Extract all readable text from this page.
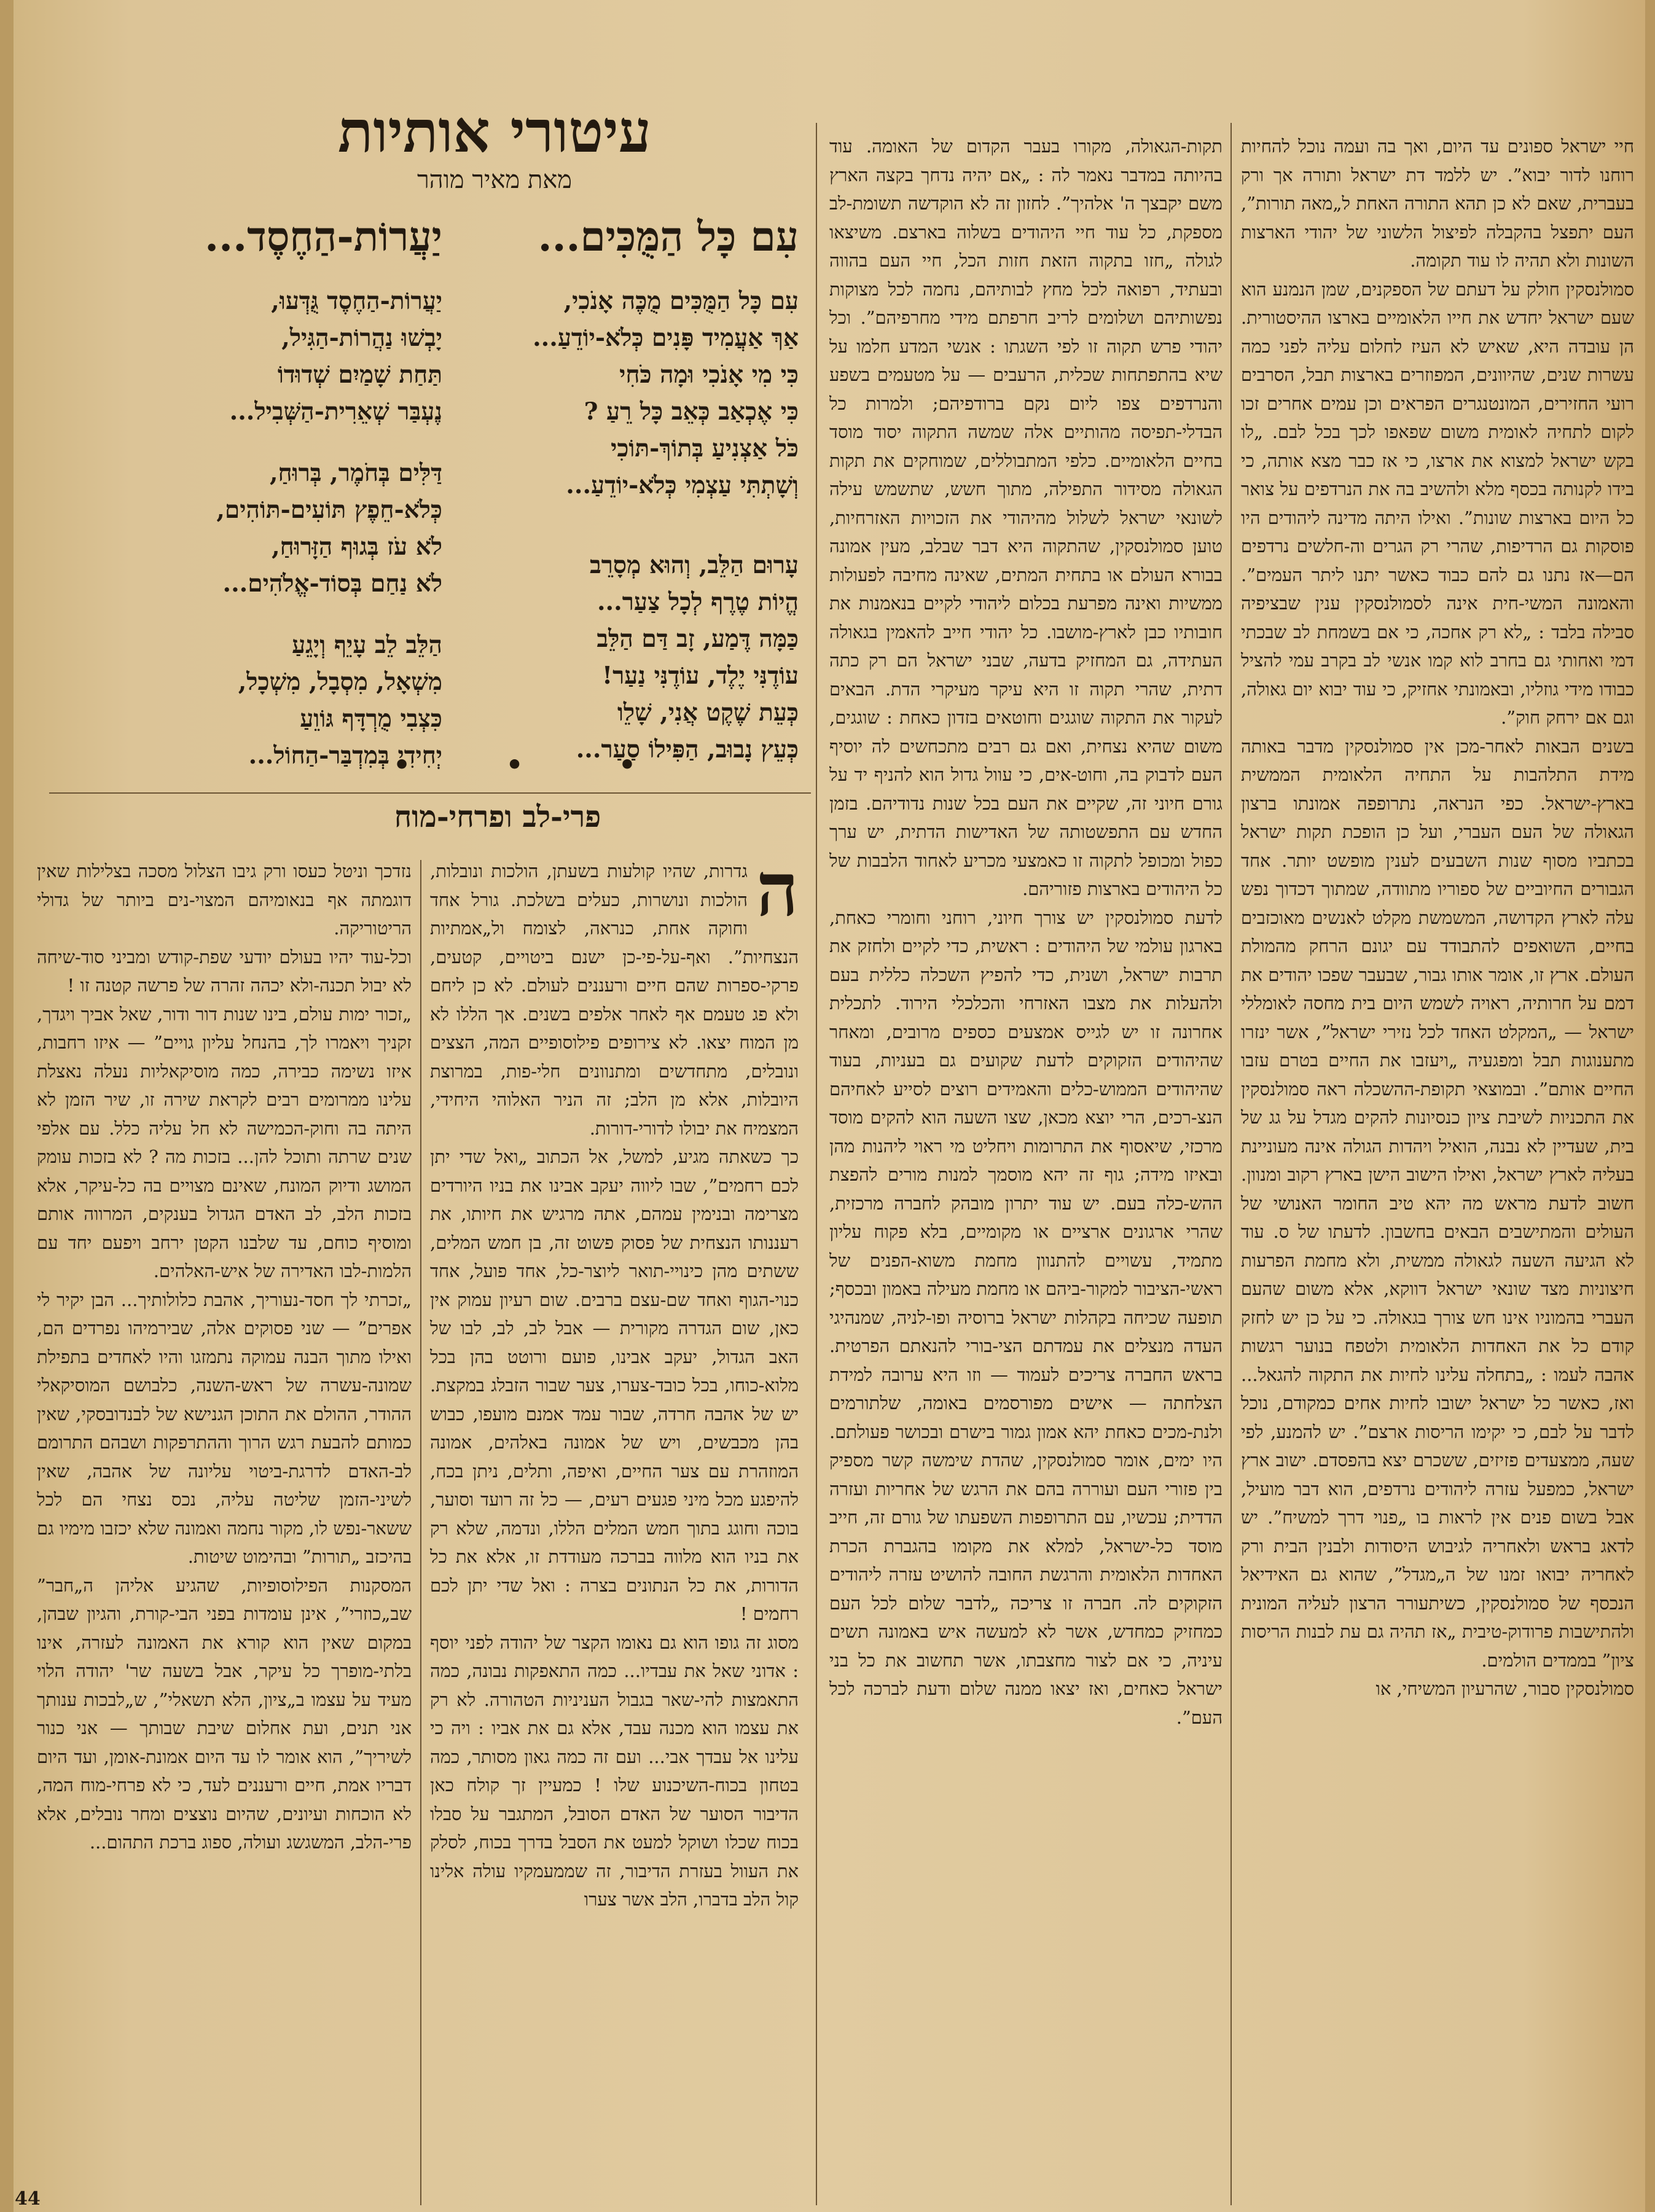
עיטורי אותיות
מאת מאיר מוהר
עִם כָּל הַמֻּכִּים...
עִם כָּל הַמֻּכִּים מֻכֶּה אָנֹכִי,
אַךְ אַעֲמִיד פָּנִים כְּלֹא-יוֹדֵעַ...
כִּי מִי אָנֹכִי וּמָה כֹּחִי
כִּי אֶכְאַב כְּאֵב כָּל רֵעַ ?
כֹּל אַצְנִיעַ בְּתוֹךְ-תּוֹכִי
וְשָׁתְתִּי עַצְמִי כְּלֹא-יוֹדֵעַ...
עָרוּם הַלֵּב, וְהוּא מְסָרֵב
הֱיוֹת טֶרֶף לְכָל צַעַר...
כַּמָּה דֶּמַע, זָב דַּם הַלֵּב
עוֹדֶנִּי יֶלֶד, עוֹדֶנִּי נַעַר!
כְּעֵת שֶׁקֶט אֲנִי, שָׁלֵו
כְּעֵץ נָבוּב, הַפִּילוֹ סַעַר...
יַעֲרוֹת-הַחֶסֶד...
יַעֲרוֹת-הַחֶסֶד גֻּדְּעוּ,
יָבְשׁוּ נַהֲרוֹת-הַגִּיל,
תַּחַת שָׁמַיִם שְׁדוּדוֹ
נֶעְבַּר שְׁאֵרִית-הַשְּׁבִיל...
דַּלִּים בְּחֹמֶר, בְּרוּחַ,
כְּלֹא-חֵפֶץ תּוֹעִים-תּוֹהִים,
לֹא עֹז בְּגוּף הַזָּרוּחַ,
לֹא נַחַם בְּסוֹד-אֱלֹהִים...
הַלֵּב לֵב עָיֵף וְיָגֵעַ
מִשְׁאָל, מִסְבָל, מִשְׁכָל,
כִּצְבִי מֻרְדָּף גּוֹוֵעַ
יְחִידִי בְּמִדְבַּר-הַחוֹל...
• • •
פרי-לב ופרחי-מוח
ה

גדרות, שהיו קולעות בשעתן, הולכות ונובלות, הולכות ונושרות, כעלים בשלכת. גורל אחד וחוקה אחת, כנראה, לצומח ול„אמתיות הנצחיות”. ואף-על-פי-כן ישנם ביטויים, קטעים, פרקי-ספרות שהם חיים ורעננים לעולם. לא כן ליחם ולא פג טעמם אף לאחר אלפים בשנים. אך הללו לא מן המוח יצאו. לא צירופים פילוסופיים המה, הצצים ונובלים, מתחדשים ומתנוונים חלי-פות, במרוצת היובלות, אלא מן הלב; זה הניר האלוהי היחידי, המצמיח את יבולו לדורי-דורות.

כך כשאתה מגיע, למשל, אל הכתוב „ואל שדי יתן לכם רחמים”, שבו ליווה יעקב אבינו את בניו היורדים מצרימה ובנימין עמהם, אתה מרגיש את חיותו, את רעננותו הנצחית של פסוק פשוט זה, בן חמש המלים, ששתים מהן כינויי-תואר ליוצר-כל, אחד פועל, אחד כנוי-הגוף ואחד שם-עצם ברבים. שום רעיון עמוק אין כאן, שום הגדרה מקורית — אבל לב, לב, לבו של האב הגדול, יעקב אבינו, פועם ורוטט בהן בכל מלוא-כוחו, בכל כובד-צערו, צער שבור הזבלג במקצת. יש של אהבה חרדה, שבור עמד אמנם מועפו, כבוש בהן מכבשים, ויש של אמונה באלהים, אמונה המוזהרת עם צער החיים, ואיפה, ותלים, ניתן בכח, להיפגע מכל מיני פגעים רעים, — כל זה רועד וסוער, בוכה וחוגג בתוך חמש המלים הללו, ונדמה, שלא רק את בניו הוא מלווה בברכה מעודדת זו, אלא את כל הדורות, את כל הנתונים בצרה : ואל שדי יתן לכם רחמים !

מסוג זה גופו הוא גם נאומו הקצר של יהודה לפני יוסף : אדוני שאל את עבדיו... כמה התאפקות נבונה, כמה התאמצות להי-שאר בגבול העניניות הטהורה. לא רק את עצמו הוא מכנה עבד, אלא גם את אביו : ויה כי עלינו אל עבדך אבי... ועם זה כמה גאון מסותר, כמה בטחון בכוח-השיכנוע שלו ! כמעיין זך קולח כאן הדיבור הסוער של האדם הסובל, המתגבר על סבלו בכוח שכלו ושוקל למעט את הסבל בדרך בכוח, לסלק את העוול בעזרת הדיבור, זה שממעמקיו עולה אלינו קול הלב בדברו, הלב אשר צערו

נזדכך וניטל כעסו ורק גיבו הצלול מסכה בצלילות שאין דוגמתה אף בנאומיהם המצוי-נים ביותר של גדולי הריטוריקה.

וכל-עוד יהיו בעולם יודעי שפת-קודש ומביני סוד-שיחה לא יבול תכנה-ולא יכהה זהרה של פרשה קטנה זו !

„זכור ימות עולם, בינו שנות דור ודור, שאל אביך ויגדך, זקניך ויאמרו לך, בהנחל עליון גויים” — איזו רחבות, איזו נשימה כבירה, כמה מוסיקאליות נעלה נאצלת עלינו ממרומים רבים לקראת שירה זו, שיר הזמן לא היתה בה וחוק-הכמישה לא חל עליה כלל. עם אלפי שנים שרתה ותוכל להן... בזכות מה ? לא בזכות עומק המושג ודיוק המונח, שאינם מצויים בה כל-עיקר, אלא בזכות הלב, לב האדם הגדול בענקים, המרווה אותם ומוסיף כוחם, עד שלבנו הקטן ירחב ויפעם יחד עם הלמות-לבו האדירה של איש-האלהים.

„זכרתי לך חסד-נעוריך, אהבת כלולותיך... הבן יקיר לי אפרים” — שני פסוקים אלה, שבירמיהו נפרדים הם, ואילו מתוך הבנה עמוקה נתמזגו והיו לאחדים בתפילת שמונה-עשרה של ראש-השנה, כלבושם המוסיקאלי ההודר, ההולם את התוכן הגנישא של לבנדובסקי, שאין כמותם להבעת רגש הרוך וההתרפקות ושבהם התרומם לב-האדם לדרגת-ביטוי עליונה של אהבה, שאין לשיני-הזמן שליטה עליה, נכס נצחי הם לכל ששאר-נפש לו, מקור נחמה ואמונה שלא יכזבו מימיו גם בהיכזב „תורות” ובהימוט שיטות.

המסקנות הפילוסופיות, שהגיע אליהן ה„חבר” שב„כוזרי”, אינן עומדות בפני הבי-קורת, והגיון שבהן, במקום שאין הוא קורא את האמונה לעזרה, אינו בלתי-מופרך כל עיקר, אבל בשעה שר' יהודה הלוי מעיד על עצמו ב„ציון, הלא תשאלי”, ש„לבכות ענותך אני תנים, ועת אחלום שיבת שבותך — אני כנור לשיריך”, הוא אומר לו עד היום אמונת-אומן, ועד היום דבריו אמת, חיים ורעננים לעד, כי לא פרחי-מוח המה, לא הוכחות ועיונים, שהיום נוצצים ומחר נובלים, אלא פרי-הלב, המשגשג ועולה, ספוג ברכת התהום...

תקות-הגאולה, מקורו בעבר הקדום של האומה. עוד בהיותה במדבר נאמר לה : „אם יהיה נדחך בקצה הארץ משם יקבצך ה' אלהיך”. לחזון זה לא הוקדשה תשומת-לב מספקת, כל עוד חיי היהודים בשלוה בארצם. משיצאו לגולה „חזו בתקוה הזאת חזות הכל, חיי העם בהווה ובעתיד, רפואה לכל מחץ לבותיהם, נחמה לכל מצוקות נפשותיהם ושלומים לריב חרפתם מידי מחרפיהם”. וכל יהודי פרש תקוה זו לפי השגתו : אנשי המדע חלמו על שיא בהתפתחות שכלית, הרעבים — על מטעמים בשפע והנרדפים צפו ליום נקם ברודפיהם; ולמרות כל הבדלי-תפיסה מהותיים אלה שמשה התקוה יסוד מוסד בחיים הלאומיים. כלפי המתבוללים, שמוחקים את תקות הגאולה מסידור התפילה, מתוך חשש, שתשמש עילה לשונאי ישראל לשלול מהיהודי את הזכויות האזרחיות, טוען סמולנסקין, שהתקוה היא דבר שבלב, מעין אמונה בבורא העולם או בתחית המתים, שאינה מחיבה לפעולות ממשיות ואינה מפרעת בכלום ליהודי לקיים בנאמנות את חובותיו כבן לארץ-מושבו. כל יהודי חייב להאמין בגאולה העתידה, גם המחזיק בדעה, שבני ישראל הם רק כתה דתית, שהרי תקוה זו היא עיקר מעיקרי הדת. הבאים לעקור את התקוה שוגגים וחוטאים בזדון כאחת : שוגגים, משום שהיא נצחית, ואם גם רבים מתכחשים לה יוסיף העם לדבוק בה, וחוט-אים, כי עוול גדול הוא להניף יד על גורם חיוני זה, שקיים את העם בכל שנות נדודיהם. בזמן החדש עם התפשטותה של האדישות הדתית, יש ערך כפול ומכופל לתקוה זו כאמצעי מכריע לאחוד הלבבות של כל היהודים בארצות פזוריהם.

לדעת סמולנסקין יש צורך חיוני, רוחני וחומרי כאחת, בארגון עולמי של היהודים : ראשית, כדי לקיים ולחזק את תרבות ישראל, ושנית, כדי להפיץ השכלה כללית בעם ולהעלות את מצבו האזרחי והכלכלי הירוד. לתכלית אחרונה זו יש לגייס אמצעים כספים מרובים, ומאחר שהיהודים הזקוקים לדעת שקועים גם בעניות, בעוד שהיהודים הממוש-כלים והאמידים רוצים לסייע לאחיהם הנצ-רכים, הרי יוצא מכאן, שצו השעה הוא להקים מוסד מרכזי, שיאסוף את התרומות ויחליט מי ראוי ליהנות מהן ובאיזו מידה; גוף זה יהא מוסמך למנות מורים להפצת ההש-כלה בעם. יש עוד יתרון מובהק לחברה מרכזית, שהרי ארגונים ארציים או מקומיים, בלא פקוח עליון מתמיד, עשויים להתנוון מחמת משוא-הפנים של ראשי-הציבור למקור-ביהם או מחמת מעילה באמון ובכסף; תופעה שכיחה בקהלות ישראל ברוסיה ופו-לניה, שמנהיגי העדה מנצלים את עמדתם הצי-בורי להנאתם הפרטית. בראש החברה צריכים לעמוד — וזו היא ערובה למידת הצלחתה — אישים מפורסמים באומה, שלתורמים ולנת-מכים כאחת יהא אמון גמור בישרם ובכושר פעולתם. היו ימים, אומר סמולנסקין, שהדת שימשה קשר מספיק בין פזורי העם ועוררה בהם את הרגש של אחריות ועזרה הדדית; עכשיו, עם התרופפות השפעתו של גורם זה, חייב מוסד כל-ישראל, למלא את מקומו בהגברת הכרת האחדות הלאומית והרגשת החובה להושיט עזרה ליהודים הזקוקים לה. חברה זו צריכה „לדבר שלום לכל העם כמחזיק כמחדש, אשר לא למעשה איש באמונה תשים עיניה, כי אם לצור מחצבתו, אשר תחשוב את כל בני ישראל כאחים, ואז יצאו ממנה שלום ודעת לברכה לכל העם”.

חיי ישראל ספונים עד היום, ואך בה ועמה נוכל להחיות רוחנו לדור יבוא”. יש ללמד דת ישראל ותורה אך ורק בעברית, שאם לא כן תהא התורה האחת ל„מאה תורות”, העם יתפצל בהקבלה לפיצול הלשוני של יהודי הארצות השונות ולא תהיה לו עוד תקומה.

סמולנסקין חולק על דעתם של הספקנים, שמן הנמנע הוא שעם ישראל יחדש את חייו הלאומיים בארצו ההיסטורית. הן עובדה היא, שאיש לא העיז לחלום עליה לפני כמה עשרות שנים, שהיוונים, המפוזרים בארצות תבל, הסרבים רועי החזירים, המונטנגרים הפראים וכן עמים אחרים זכו לקום לתחיה לאומית משום שפאפו לכך בכל לבם. „לו בקש ישראל למצוא את ארצו, כי אז כבר מצא אותה, כי בידו לקנותה בכסף מלא ולהשיב בה את הנרדפים על צואר כל היום בארצות שונות”. ואילו היתה מדינה ליהודים היו פוסקות גם הרדיפות, שהרי רק הגרים וה-חלשים נרדפים הם—אז נתנו גם להם כבוד כאשר יתנו ליתר העמים”. והאמונה המשי-חית אינה לסמולנסקין ענין שבציפיה סבילה בלבד : „לא רק אחכה, כי אם בשמחת לב שבכתי דמי ואחותי גם בחרב לוא קמו אנשי לב בקרב עמי להציל כבודו מידי גוזליו, ובאמונתי אחזיק, כי עוד יבוא יום גאולה, וגם אם ירחק חוק”.

בשנים הבאות לאחר-מכן אין סמולנסקין מדבר באותה מידת התלהבות על התחיה הלאומית הממשית בארץ-ישראל. כפי הנראה, נתרופפה אמונתו ברצון הגאולה של העם העברי, ועל כן הופכת תקות ישראל בכתביו מסוף שנות השבעים לענין מופשט יותר. אחד הגבורים החיוביים של ספוריו מתוודה, שמתוך דכדוך נפש עלה לארץ הקדושה, המשמשת מקלט לאנשים מאוכזבים בחיים, השואפים להתבודד עם יגונם הרחק מהמולת העולם. ארץ זו, אומר אותו גבור, שבעבר שפכו יהודים את דמם על חרותיה, ראויה לשמש היום בית מחסה לאומללי ישראל — „המקלט האחד לכל נזירי ישראל”, אשר ינזרו מתענוגות תבל ומפגעיה „ויעזבו את החיים בטרם עזבו החיים אותם”. ובמוצאי תקופת-ההשכלה ראה סמולנסקין את התכניות לשיבת ציון כנסיונות להקים מגדל על גג של בית, שעדיין לא נבנה, הואיל ויהדות הגולה אינה מעוניינת בעליה לארץ ישראל, ואילו הישוב הישן בארץ רקוב ומנוון. חשוב לדעת מראש מה יהא טיב החומר האנושי של העולים והמתישבים הבאים בחשבון. לדעתו של ס. עוד לא הגיעה השעה לגאולה ממשית, ולא מחמת הפרעות חיצוניות מצד שונאי ישראל דווקא, אלא משום שהעם העברי בהמוניו אינו חש צורך בגאולה. כי על כן יש לחזק קודם כל את האחדות הלאומית ולטפח בנוער רגשות אהבה לעמו : „בתחלה עלינו לחיות את התקוה להגאל... ואז, כאשר כל ישראל ישובו לחיות אחים כמקודם, נוכל לדבר על לבם, כי יקימו הריסות ארצם”. יש להמנע, לפי שעה, ממצעדים פזיזים, ששכרם יצא בהפסדם. ישוב ארץ ישראל, כמפעל עזרה ליהודים נרדפים, הוא דבר מועיל, אבל בשום פנים אין לראות בו „פנוי דרך למשיח”. יש לדאג בראש ולאחריה לגיבוש היסודות ולבנין הבית ורק לאחריה יבואו זמנו של ה„מגדל”, שהוא גם האידיאל הנכסף של סמולנסקין, כשיתעורר הרצון לעליה המונית ולהתישבות פרודוק-טיבית „אז תהיה גם עת לבנות הריסות ציון” בממדים הולמים.

סמולנסקין סבור, שהרעיון המשיחי, או

44
